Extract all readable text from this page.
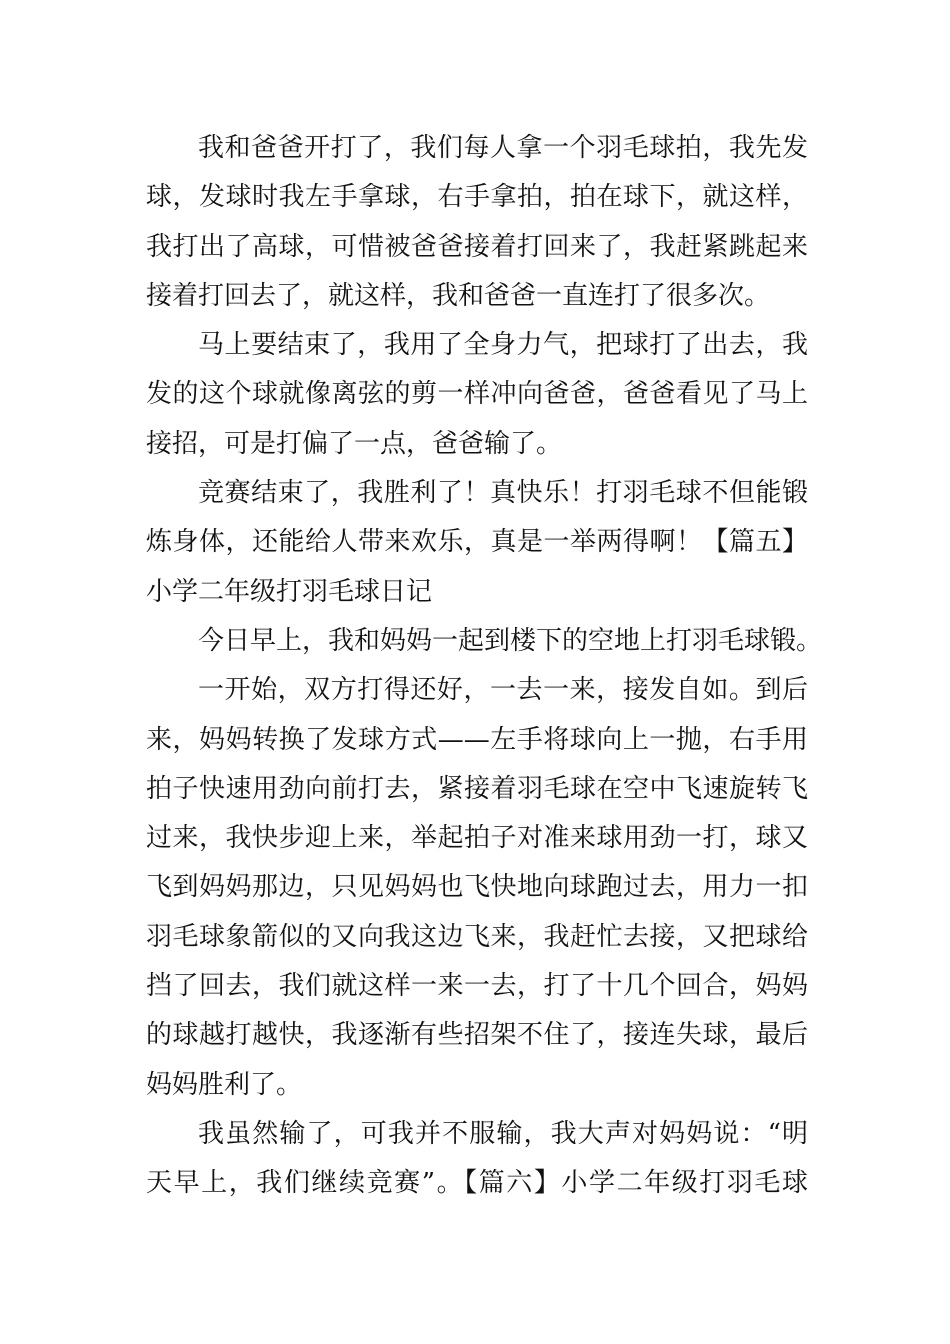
我和爸爸开打了，我们每人拿一个羽毛球拍，我先发
球，发球时我左手拿球，右手拿拍，拍在球下，就这样，
我打出了高球，可惜被爸爸接着打回来了，我赶紧跳起来
接着打回去了，就这样，我和爸爸一直连打了很多次。
马上要结束了，我用了全身力气，把球打了出去，我
发的这个球就像离弦的剪一样冲向爸爸，爸爸看见了马上
接招，可是打偏了一点，爸爸输了。
竞赛结束了，我胜利了！真快乐！打羽毛球不但能锻
炼身体，还能给人带来欢乐，真是一举两得啊！【篇五】
小学二年级打羽毛球日记
今日早上，我和妈妈一起到楼下的空地上打羽毛球锻。
一开始，双方打得还好，一去一来，接发自如。到后
来，妈妈转换了发球方式——左手将球向上一抛，右手用
拍子快速用劲向前打去，紧接着羽毛球在空中飞速旋转飞
过来，我快步迎上来，举起拍子对准来球用劲一打，球又
飞到妈妈那边，只见妈妈也飞快地向球跑过去，用力一扣
羽毛球象箭似的又向我这边飞来，我赶忙去接，又把球给
挡了回去，我们就这样一来一去，打了十几个回合，妈妈
的球越打越快，我逐渐有些招架不住了，接连失球，最后
妈妈胜利了。
我虽然输了，可我并不服输，我大声对妈妈说：“明
天早上，我们继续竞赛”。【篇六】小学二年级打羽毛球
